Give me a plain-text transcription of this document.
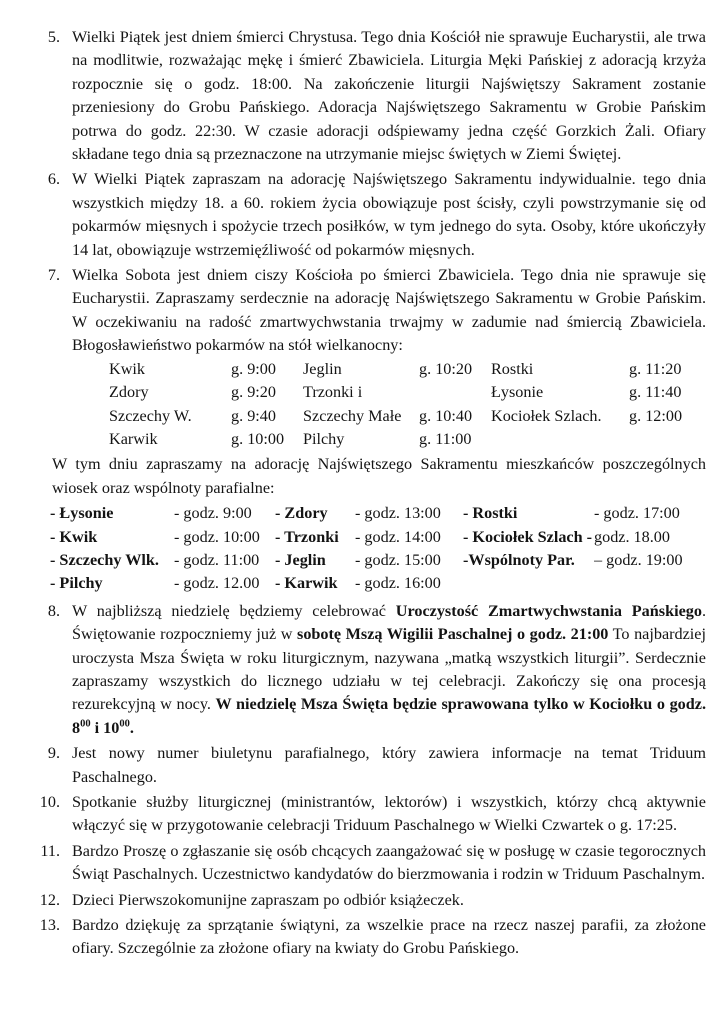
5. Wielki Piątek jest dniem śmierci Chrystusa. Tego dnia Kościół nie sprawuje Eucharystii, ale trwa na modlitwie, rozważając mękę i śmierć Zbawiciela. Liturgia Męki Pańskiej z adoracją krzyża rozpocznie się o godz. 18:00. Na zakończenie liturgii Najświętszy Sakrament zostanie przeniesiony do Grobu Pańskiego. Adoracja Najświętszego Sakramentu w Grobie Pańskim potrwa do godz. 22:30. W czasie adoracji odśpiewamy jedna część Gorzkich Żali. Ofiary składane tego dnia są przeznaczone na utrzymanie miejsc świętych w Ziemi Świętej.
6. W Wielki Piątek zapraszam na adorację Najświętszego Sakramentu indywidualnie. tego dnia wszystkich między 18. a 60. rokiem życia obowiązuje post ścisły, czyli powstrzymanie się od pokarmów mięsnych i spożycie trzech posiłków, w tym jednego do syta. Osoby, które ukończyły 14 lat, obowiązuje wstrzemięźliwość od pokarmów mięsnych.
7. Wielka Sobota jest dniem ciszy Kościoła po śmierci Zbawiciela. Tego dnia nie sprawuje się Eucharystii. Zapraszamy serdecznie na adorację Najświętszego Sakramentu w Grobie Pańskim. W oczekiwaniu na radość zmartwychwstania trwajmy w zadumie nad śmiercią Zbawiciela. Błogosławieństwo pokarmów na stół wielkanocny:
Kwik	g. 9:00	Jeglin	g. 10:20	Rostki	g. 11:20
Zdory	g. 9:20	Trzonki i	Łysonie	g. 11:40
Szczechy W.	g. 9:40	Szczechy Małe	g. 10:40	Kociołek Szlach.	g. 12:00
Karwik	g. 10:00	Pilchy	g. 11:00
W tym dniu zapraszamy na adorację Najświętszego Sakramentu mieszkańców poszczególnych wiosek oraz wspólnoty parafialne:
- Łysonie	- godz. 9:00	- Zdory	- godz. 13:00	- Rostki	- godz. 17:00
- Kwik	- godz. 10:00 - Trzonki	- godz. 14:00	- Kociołek Szlach - godz. 18.00
- Szczechy Wlk. - godz. 11:00 - Jeglin	- godz. 15:00	-Wspólnoty Par.	– godz. 19:00
- Pilchy	- godz. 12.00 - Karwik	- godz. 16:00
8. W najbliższą niedzielę będziemy celebrować Uroczystość Zmartwychwstania Pańskiego. Świętowanie rozpoczniemy już w sobotę Mszą Wigilii Paschalnej o godz. 21:00 To najbardziej uroczysta Msza Święta w roku liturgicznym, nazywana „matką wszystkich liturgii”. Serdecznie zapraszamy wszystkich do licznego udziału w tej celebracji. Zakończy się ona procesją rezurekcyjną w nocy. W niedzielę Msza Święta będzie sprawowana tylko w Kociołku o godz. $8^{00}$ i $10^{00}$.
9. Jest nowy numer biuletynu parafialnego, który zawiera informacje na temat Triduum Paschalnego.
10. Spotkanie służby liturgicznej (ministrantów, lektorów) i wszystkich, którzy chcą aktywnie włączyć się w przygotowanie celebracji Triduum Paschalnego w Wielki Czwartek o g. 17:25.
11. Bardzo Proszę o zgłaszanie się osób chcących zaangażować się w posługę w czasie tegorocznych Świąt Paschalnych. Uczestnictwo kandydatów do bierzmowania i rodzin w Triduum Paschalnym.
12. Dzieci Pierwszokomunijne zapraszam po odbiór książeczek.
13. Bardzo dziękuję za sprzątanie świątyni, za wszelkie prace na rzecz naszej parafii, za złożone ofiary. Szczególnie za złożone ofiary na kwiaty do Grobu Pańskiego.
